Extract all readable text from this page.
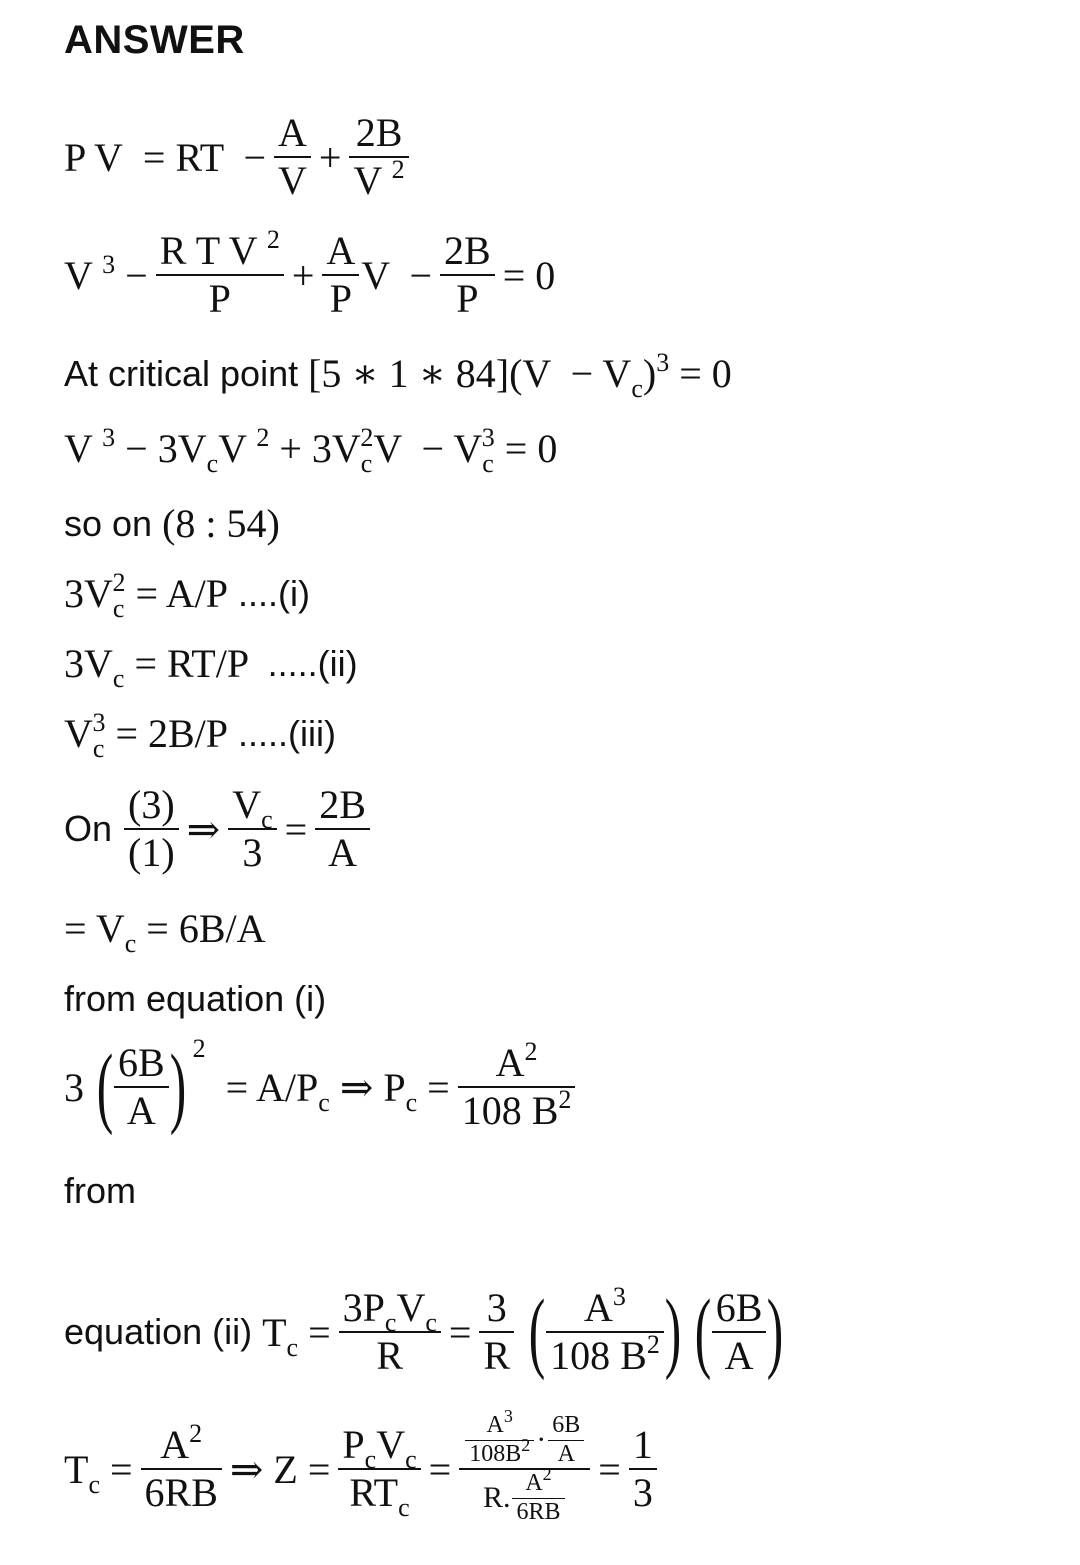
ANSWER
P V  = RT  − $\frac{A}{V} + \frac{2B}{V ^2}$
V $^3 - \frac{R T V ^2}{P} + \frac{A}{P}$ $V - \frac{2B}{P} = 0$
At critical point [5 ∗ 1 ∗ 84] $(V - V_c)^3 = 0$
V $^3 - 3V_cV$ $^2 + 3V_c^2V - V_c^3 = 0$
so on (8 : 54)
$3V_c^2 = A/P$ ....(i)
$3V_c = RT/P$ .....(ii)
$V_c^3 = 2B/P$ .....(iii)
On $\frac{(3)}{(1)}$ ⇒ $\frac{V_c}{3} = \frac{2B}{A}$
= $V_c = 6B/A$
from equation (i)
3 ( $\frac{6B}{A}$ ) 2
= $A/P_c$ ⇒ $P_c = \frac{A^2}{108 B^2}$
from
equation (ii) $T_c = \frac{3P_cV_c}{R} = \frac{3}{R}$ ( $\frac{A^3}{108 B^2}$ ) ( $\frac{6B}{A}$ )
$T_c = \frac{A^2}{6RB}$ ⇒ $Z = \frac{P_cV_c}{RT_c} = \frac{\frac{A^3}{108B^2} \cdot \frac{6B}{A}}{R. \frac{A^2}{6RB}} = \frac{1}{3}$
